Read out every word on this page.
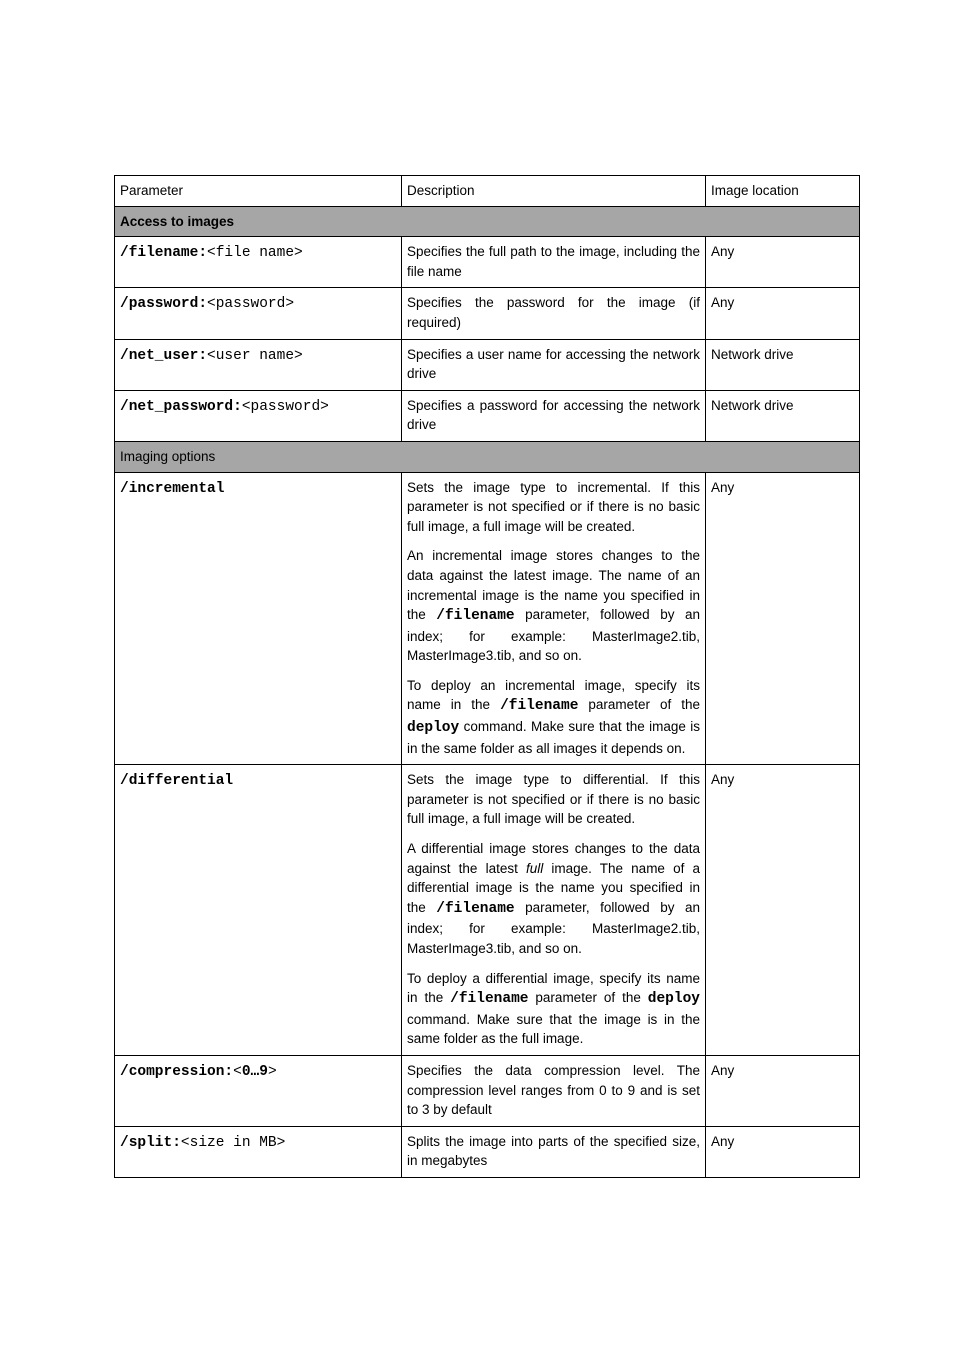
Parameter	Description	Image location
Access to images		
/filename:<file name>	Specifies the full path to the image, including the file name	Any
/password:<password>	Specifies the password for the image (if required)	Any
/net_user:<user name>	Specifies a user name for accessing the network drive	Network drive
/net_password:<password>	Specifies a password for accessing the network drive	Network drive
Imaging options		
/incremental	Sets the image type to incremental. If this parameter is not specified or if there is no basic full image, a full image will be created.

An incremental image stores changes to the data against the latest image. The name of an incremental image is the name you specified in the /filename parameter, followed by an index; for example: MasterImage2.tib, MasterImage3.tib, and so on.

To deploy an incremental image, specify its name in the /filename parameter of the deploy command. Make sure that the image is in the same folder as all images it depends on.	Any
/differential	Sets the image type to differential. If this parameter is not specified or if there is no basic full image, a full image will be created.

A differential image stores changes to the data against the latest full image. The name of a differential image is the name you specified in the /filename parameter, followed by an index; for example: MasterImage2.tib, MasterImage3.tib, and so on.

To deploy a differential image, specify its name in the /filename parameter of the deploy command. Make sure that the image is in the same folder as the full image.	Any
/compression:<0…9>	Specifies the data compression level. The compression level ranges from 0 to 9 and is set to 3 by default	Any
/split:<size in MB>	Splits the image into parts of the specified size, in megabytes	Any
